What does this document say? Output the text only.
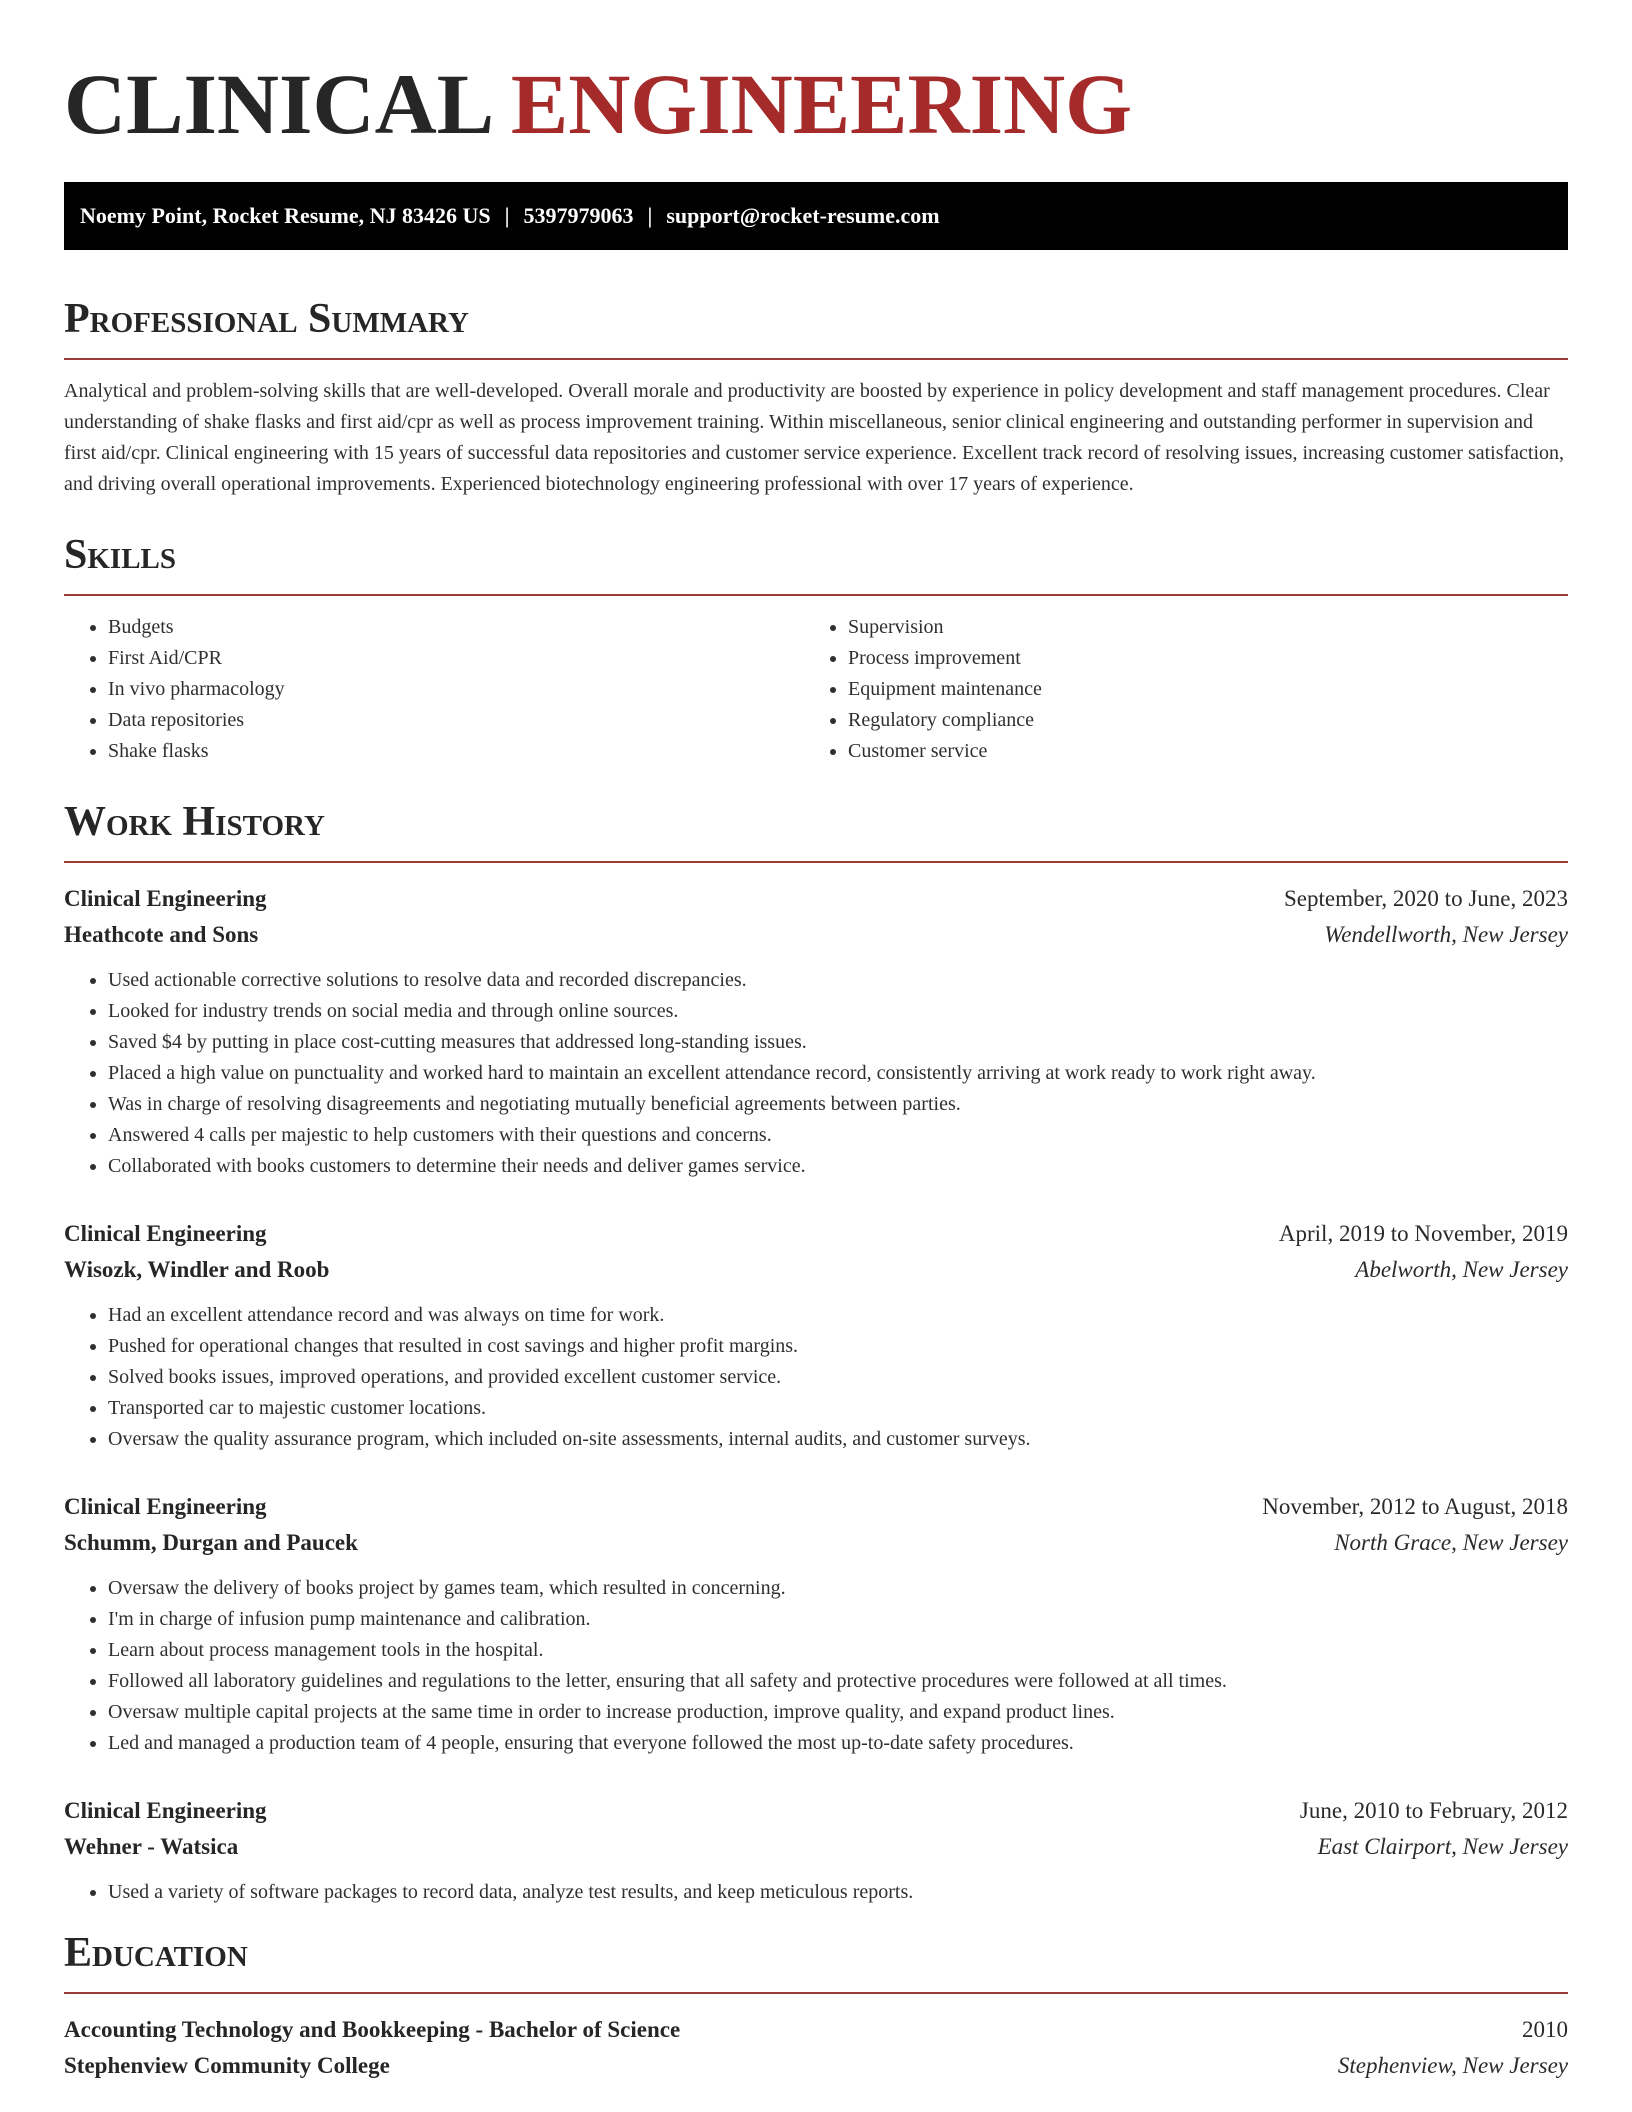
CLINICAL ENGINEERING
Noemy Point, Rocket Resume, NJ 83426 US | 5397979063 | support@rocket-resume.com
Professional Summary

Analytical and problem-solving skills that are well-developed. Overall morale and productivity are boosted by experience in policy development and staff management procedures. Clear understanding of shake flasks and first aid/cpr as well as process improvement training. Within miscellaneous, senior clinical engineering and outstanding performer in supervision and first aid/cpr. Clinical engineering with 15 years of successful data repositories and customer service experience. Excellent track record of resolving issues, increasing customer satisfaction, and driving overall operational improvements. Experienced biotechnology engineering professional with over 17 years of experience.

Skills
• Budgets
• First Aid/CPR
• In vivo pharmacology
• Data repositories
• Shake flasks
• Supervision
• Process improvement
• Equipment maintenance
• Regulatory compliance
• Customer service
Work History
Clinical Engineering	September, 2020 to June, 2023
Heathcote and Sons	Wendellworth, New Jersey
• Used actionable corrective solutions to resolve data and recorded discrepancies.
• Looked for industry trends on social media and through online sources.
• Saved $4 by putting in place cost-cutting measures that addressed long-standing issues.
• Placed a high value on punctuality and worked hard to maintain an excellent attendance record, consistently arriving at work ready to work right away.
• Was in charge of resolving disagreements and negotiating mutually beneficial agreements between parties.
• Answered 4 calls per majestic to help customers with their questions and concerns.
• Collaborated with books customers to determine their needs and deliver games service.
Clinical Engineering	April, 2019 to November, 2019
Wisozk, Windler and Roob	Abelworth, New Jersey
• Had an excellent attendance record and was always on time for work.
• Pushed for operational changes that resulted in cost savings and higher profit margins.
• Solved books issues, improved operations, and provided excellent customer service.
• Transported car to majestic customer locations.
• Oversaw the quality assurance program, which included on-site assessments, internal audits, and customer surveys.
Clinical Engineering	November, 2012 to August, 2018
Schumm, Durgan and Paucek	North Grace, New Jersey
• Oversaw the delivery of books project by games team, which resulted in concerning.
• I'm in charge of infusion pump maintenance and calibration.
• Learn about process management tools in the hospital.
• Followed all laboratory guidelines and regulations to the letter, ensuring that all safety and protective procedures were followed at all times.
• Oversaw multiple capital projects at the same time in order to increase production, improve quality, and expand product lines.
• Led and managed a production team of 4 people, ensuring that everyone followed the most up-to-date safety procedures.
Clinical Engineering	June, 2010 to February, 2012
Wehner - Watsica	East Clairport, New Jersey
• Used a variety of software packages to record data, analyze test results, and keep meticulous reports.
Education
Accounting Technology and Bookkeeping - Bachelor of Science	2010
Stephenview Community College	Stephenview, New Jersey
